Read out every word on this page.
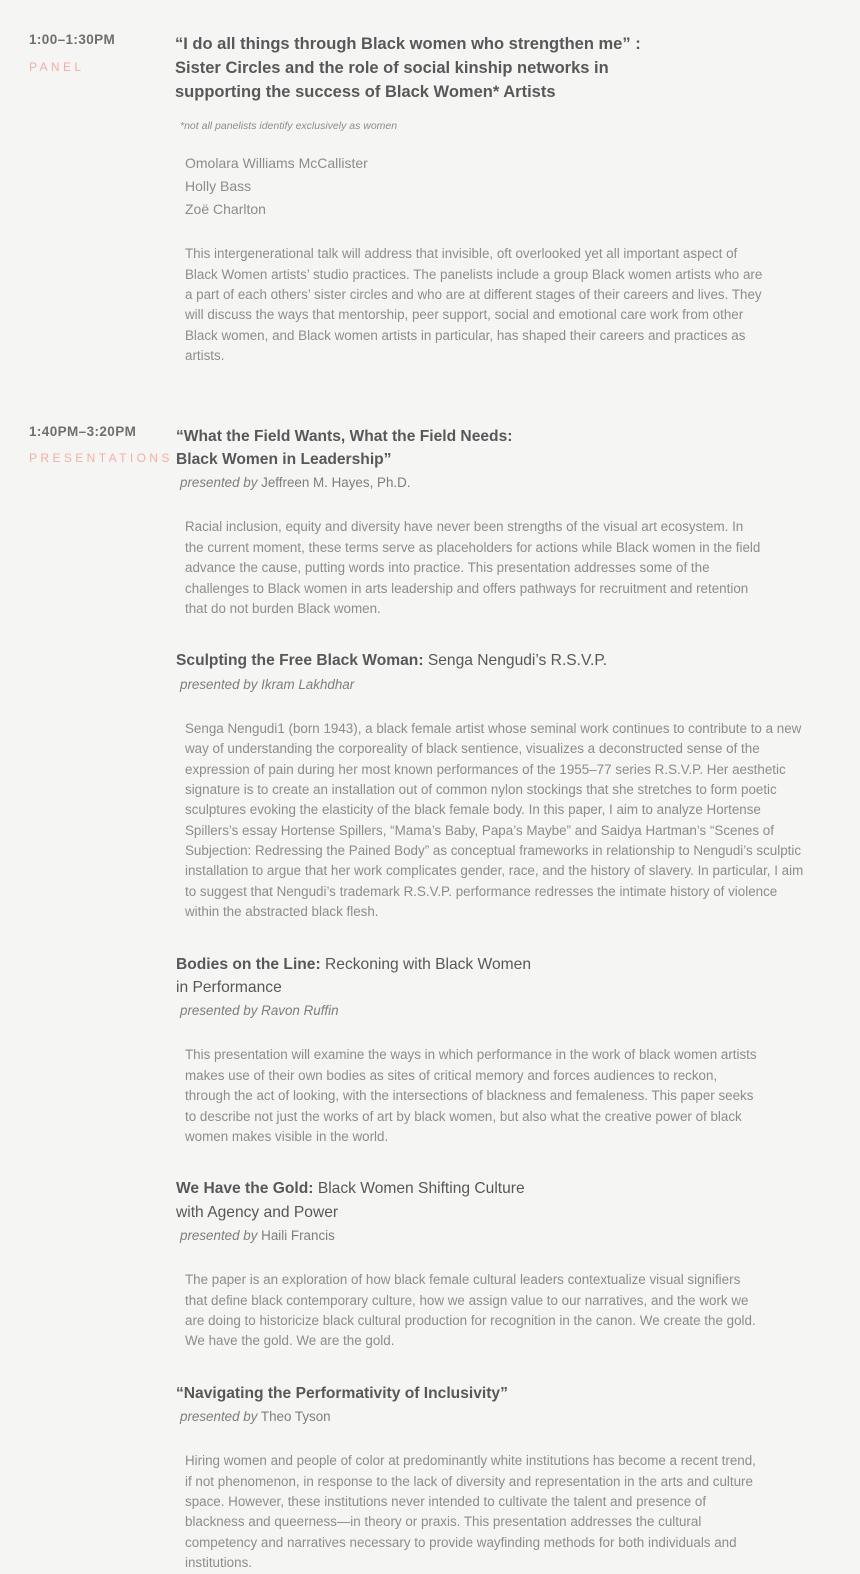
1:00–1:30PM
PANEL
“I do all things through Black women who strengthen me” :
Sister Circles and the role of social kinship networks in
supporting the success of Black Women* Artists

*not all panelists identify exclusively as women

Omolara Williams McCallister
Holly Bass
Zoë Charlton

This intergenerational talk will address that invisible, oft overlooked yet all important aspect of Black Women artists’ studio practices. The panelists include a group Black women artists who are a part of each others’ sister circles and who are at different stages of their careers and lives. They will discuss the ways that mentorship, peer support, social and emotional care work from other Black women, and Black women artists in particular, has shaped their careers and practices as artists.

1:40PM–3:20PM
PRESENTATIONS
“What the Field Wants, What the Field Needs:
Black Women in Leadership”

presented by Jeffreen M. Hayes, Ph.D.

Racial inclusion, equity and diversity have never been strengths of the visual art ecosystem. In the current moment, these terms serve as placeholders for actions while Black women in the field advance the cause, putting words into practice. This presentation addresses some of the challenges to Black women in arts leadership and offers pathways for recruitment and retention that do not burden Black women.

Sculpting the Free Black Woman: Senga Nengudi’s R.S.V.P.

presented by Ikram Lakhdhar

Senga Nengudi1 (born 1943), a black female artist whose seminal work continues to contribute to a new way of understanding the corporeality of black sentience, visualizes a deconstructed sense of the expression of pain during her most known performances of the 1955–77 series R.S.V.P. Her aesthetic signature is to create an installation out of common nylon stockings that she stretches to form poetic sculptures evoking the elasticity of the black female body. In this paper, I aim to analyze Hortense Spillers’s essay Hortense Spillers, “Mama’s Baby, Papa’s Maybe” and Saidya Hartman’s “Scenes of Subjection: Redressing the Pained Body” as conceptual frameworks in relationship to Nengudi’s sculptic installation to argue that her work complicates gender, race, and the history of slavery. In particular, I aim to suggest that Nengudi’s trademark R.S.V.P. performance redresses the intimate history of violence within the abstracted black flesh.

Bodies on the Line: Reckoning with Black Women
in Performance

presented by Ravon Ruffin

This presentation will examine the ways in which performance in the work of black women artists makes use of their own bodies as sites of critical memory and forces audiences to reckon, through the act of looking, with the intersections of blackness and femaleness. This paper seeks to describe not just the works of art by black women, but also what the creative power of black women makes visible in the world.

We Have the Gold: Black Women Shifting Culture
with Agency and Power

presented by Haili Francis

The paper is an exploration of how black female cultural leaders contextualize visual signifiers that define black contemporary culture, how we assign value to our narratives, and the work we are doing to historicize black cultural production for recognition in the canon. We create the gold. We have the gold. We are the gold.

“Navigating the Performativity of Inclusivity”

presented by Theo Tyson

Hiring women and people of color at predominantly white institutions has become a recent trend, if not phenomenon, in response to the lack of diversity and representation in the arts and culture space. However, these institutions never intended to cultivate the talent and presence of blackness and queerness—in theory or praxis. This presentation addresses the cultural competency and narratives necessary to provide wayfinding methods for both individuals and institutions.
